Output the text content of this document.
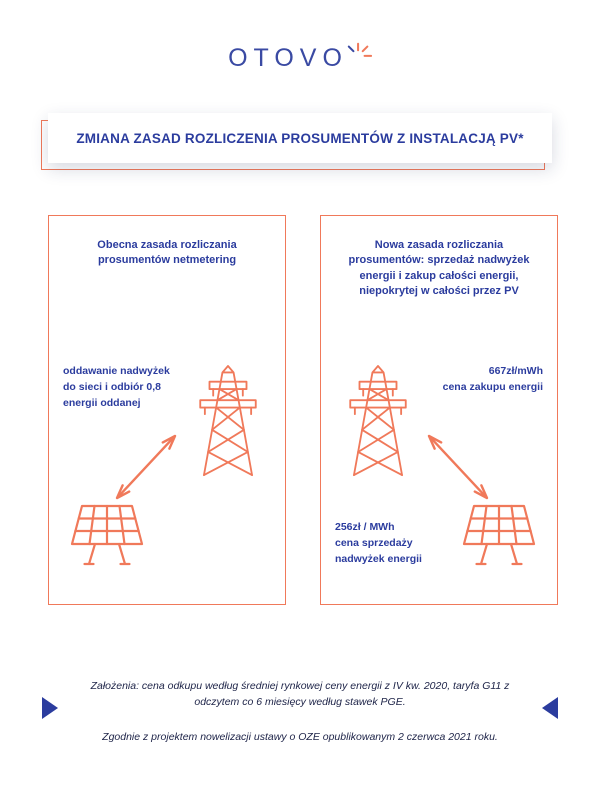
OTOVO
ZMIANA ZASAD ROZLICZENIA PROSUMENTÓW Z INSTALACJĄ PV*
Obecna zasada rozliczania prosumentów netmetering

oddawanie nadwyżek do sieci i odbiór 0,8 energii oddanej

Nowa zasada rozliczania prosumentów: sprzedaż nadwyżek energii i zakup całości energii, niepokrytej w całości przez PV
667zł/mWh
cena zakupu energii
256zł / MWh
cena sprzedaży nadwyżek energii

Założenia: cena odkupu według średniej rynkowej ceny energii z IV kw. 2020, taryfa G11 z odczytem co 6 miesięcy według stawek PGE.

Zgodnie z projektem nowelizacji ustawy o OZE opublikowanym 2 czerwca 2021 roku.
